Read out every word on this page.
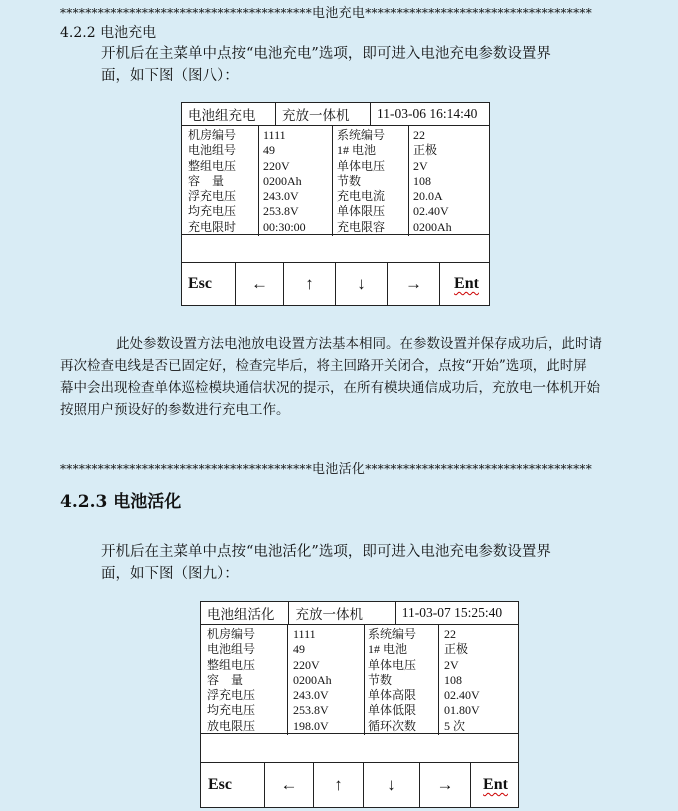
****************************************电池充电************************************
4.2.2 电池充电
开机后在主菜单中点按“电池充电”选项，即可进入电池充电参数设置界
面，如下图（图八）：
电池组充电	充放一体机	11-03-06 16:14:40
机房编号 1111	系统编号 22
电池组号 49	1# 电池	正极
整组电压 220V	单体电压 2V
容　量	0200Ah	节数	108
浮充电压 243.0V	充电电流 20.0A
均充电压 253.8V	单体限压 02.40V
充电限时 00:30:00	充电限容 0200Ah
Esc	←	↑	↓	→	Ent
此处参数设置方法电池放电设置方法基本相同。在参数设置并保存成功后，此时请
再次检查电线是否已固定好，检查完毕后，将主回路开关闭合，点按“开始”选项，此时屏
幕中会出现检查单体巡检模块通信状况的提示，在所有模块通信成功后，充放电一体机开始
按照用户预设好的参数进行充电工作。
****************************************电池活化************************************
4.2.3 电池活化
开机后在主菜单中点按“电池活化”选项，即可进入电池充电参数设置界
面，如下图（图九）：
电池组活化	充放一体机	11-03-07 15:25:40
机房编号	1111	系统编号 22
电池组号	49	1# 电池	正极
整组电压	220V	单体电压 2V
容　量	0200Ah	节数	108
浮充电压	243.0V	单体高限 02.40V
均充电压	253.8V	单体低限 01.80V
放电限压	198.0V	循环次数 5 次
Esc	←	↑	↓	→	Ent
